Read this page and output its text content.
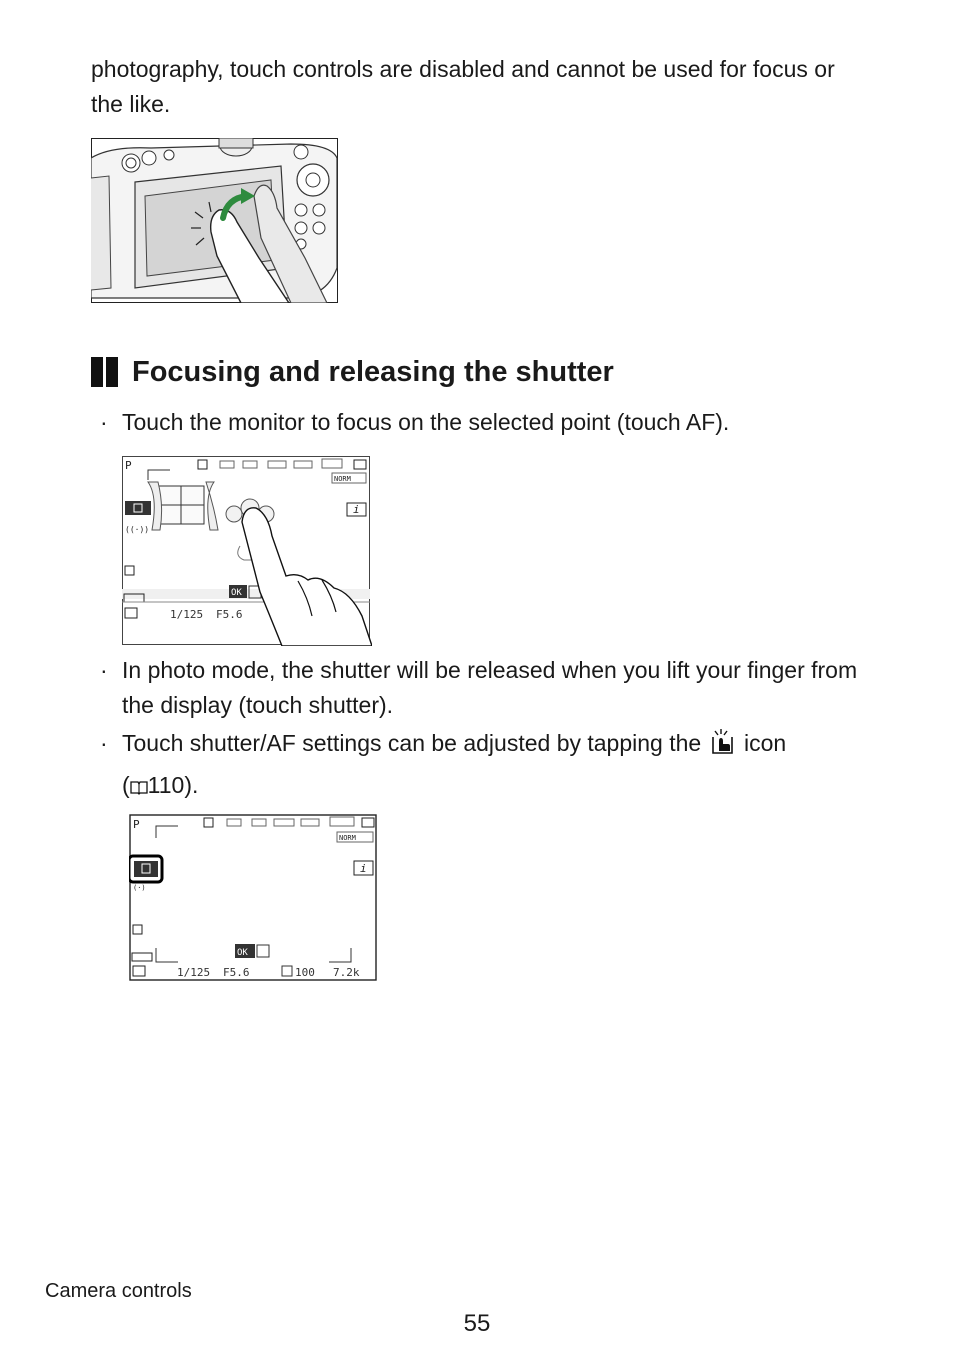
photography, touch controls are disabled and cannot be used for focus or the like.

Focusing and releasing the shutter
· Touch the monitor to focus on the selected point (touch AF).
P
NORM
((·))
i
OK
1/125 F5.6
· In photo mode, the shutter will be released when you lift your finger from the display (touch shutter).
· Touch shutter/AF settings can be adjusted by tapping the icon
( 110).
P
NORM
(·)
i
OK
1/125 F5.6	100 7.2k
Camera controls
55
